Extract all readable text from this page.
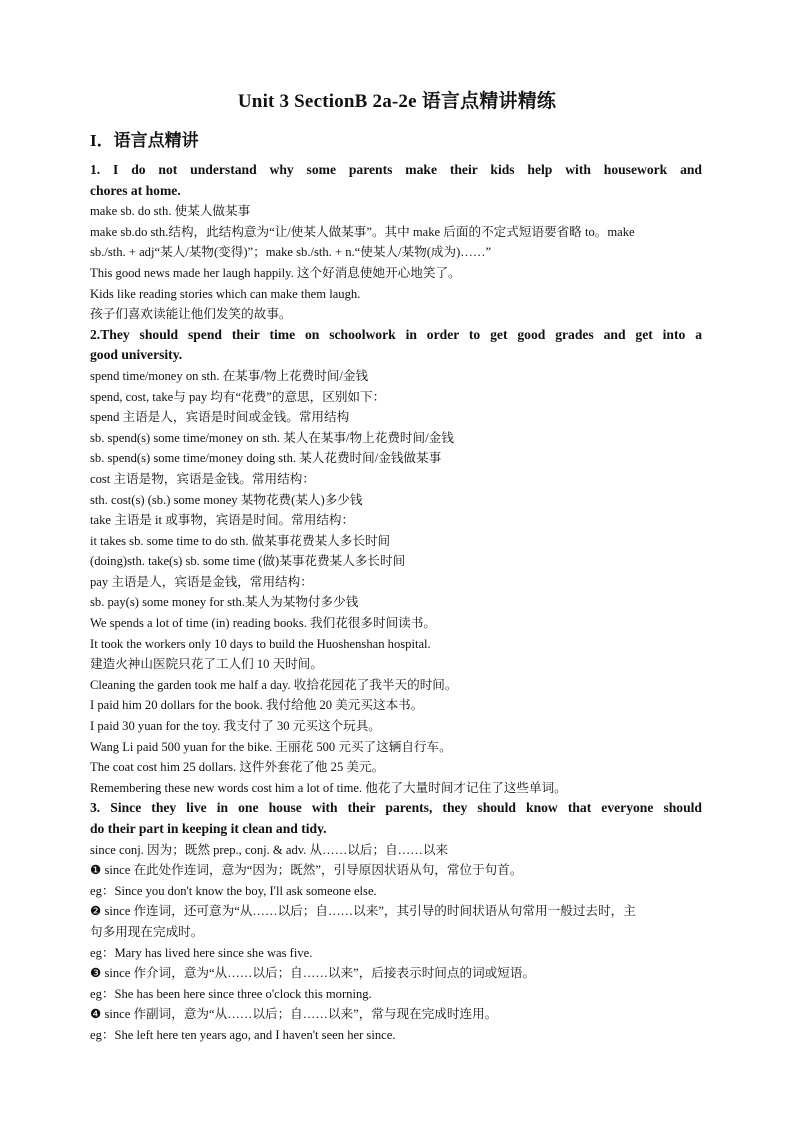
Unit 3 SectionB 2a-2e 语言点精讲精练
I．语言点精讲
1. I do not understand why some parents make their kids help with housework and
chores at home.
make sb. do sth. 使某人做某事
make sb.do sth.结构，此结构意为“让/使某人做某事”。其中 make 后面的不定式短语要省略 to。make
sb./sth. + adj“某人/某物(变得)”；make sb./sth. + n.“使某人/某物(成为)……”
This good news made her laugh happily. 这个好消息使她开心地笑了。
Kids like reading stories which can make them laugh.
孩子们喜欢读能让他们发笑的故事。
2.They should spend their time on schoolwork in order to get good grades and get into a
good university.
spend time/money on sth. 在某事/物上花费时间/金钱
spend, cost, take与 pay 均有“花费”的意思，区别如下：
spend 主语是人，宾语是时间或金钱。常用结构
sb. spend(s) some time/money on sth. 某人在某事/物上花费时间/金钱
sb. spend(s) some time/money doing sth. 某人花费时间/金钱做某事
cost 主语是物，宾语是金钱。常用结构：
sth. cost(s) (sb.) some money 某物花费(某人)多少钱
take 主语是 it 或事物，宾语是时间。常用结构：
it takes sb. some time to do sth. 做某事花费某人多长时间
(doing)sth. take(s) sb. some time (做)某事花费某人多长时间
pay 主语是人，宾语是金钱，常用结构：
sb. pay(s) some money for sth.某人为某物付多少钱
We spends a lot of time (in) reading books. 我们花很多时间读书。
It took the workers only 10 days to build the Huoshenshan hospital.
建造火神山医院只花了工人们 10 天时间。
Cleaning the garden took me half a day. 收拾花园花了我半天的时间。
I paid him 20 dollars for the book. 我付给他 20 美元买这本书。
I paid 30 yuan for the toy. 我支付了 30 元买这个玩具。
Wang Li paid 500 yuan for the bike. 王丽花 500 元买了这辆自行车。
The coat cost him 25 dollars. 这件外套花了他 25 美元。
Remembering these new words cost him a lot of time. 他花了大量时间才记住了这些单词。
3. Since they live in one house with their parents, they should know that everyone should
do their part in keeping it clean and tidy.
since conj. 因为；既然 prep., conj. & adv. 从……以后；自……以来
❶ since 在此处作连词，意为“因为；既然”，引导原因状语从句，常位于句首。
eg：Since you don't know the boy, I'll ask someone else.
❷ since 作连词，还可意为“从……以后；自……以来”，其引导的时间状语从句常用一般过去时，主
句多用现在完成时。
eg：Mary has lived here since she was five.
❸ since 作介词，意为“从……以后；自……以来”，后接表示时间点的词或短语。
eg：She has been here since three o'clock this morning.
❹ since 作副词，意为“从……以后；自……以来”，常与现在完成时连用。
eg：She left here ten years ago, and I haven't seen her since.
